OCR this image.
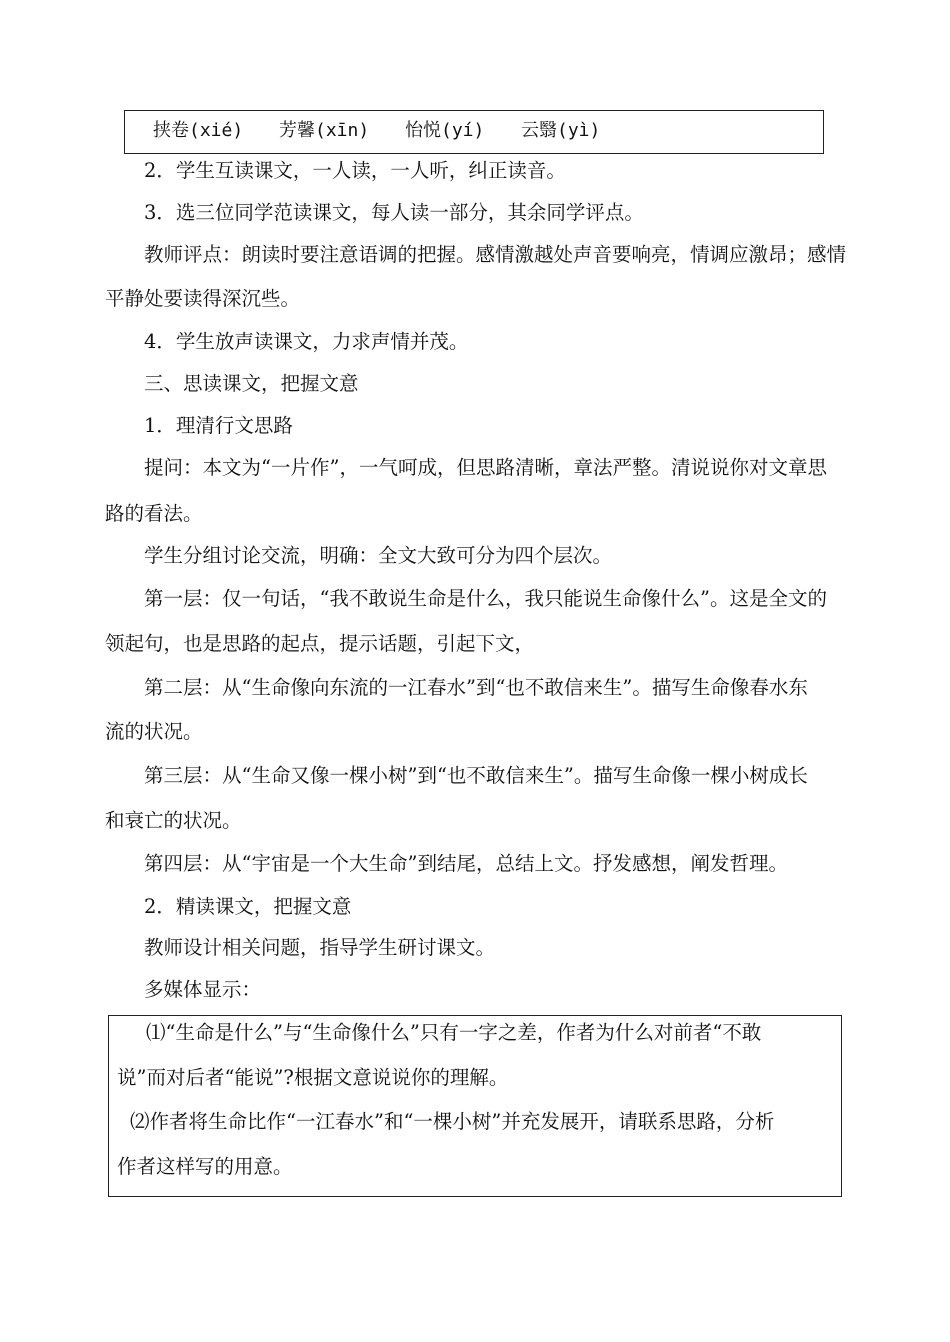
挟卷(xié) 芳馨(xīn) 怡悦(yí) 云翳(yì)
2．学生互读课文，一人读，一人听，纠正读音。
3．选三位同学范读课文，每人读一部分，其余同学评点。
教师评点：朗读时要注意语调的把握。感情激越处声音要响亮，情调应激昂；感情
平静处要读得深沉些。
4．学生放声读课文，力求声情并茂。
三、思读课文，把握文意
1．理清行文思路
提问：本文为“一片作”，一气呵成，但思路清晰，章法严整。清说说你对文章思
路的看法。
学生分组讨论交流，明确：全文大致可分为四个层次。
第一层：仅一句话，“我不敢说生命是什么，我只能说生命像什么”。这是全文的
领起句，也是思路的起点，提示话题，引起下文，
第二层：从“生命像向东流的一江春水”到“也不敢信来生”。描写生命像春水东
流的状况。
第三层：从“生命又像一棵小树”到“也不敢信来生”。描写生命像一棵小树成长
和衰亡的状况。
第四层：从“宇宙是一个大生命”到结尾，总结上文。抒发感想，阐发哲理。
2．精读课文，把握文意
教师设计相关问题，指导学生研讨课文。
多媒体显示：
⑴“生命是什么”与“生命像什么”只有一字之差，作者为什么对前者“不敢
说”而对后者“能说”?根据文意说说你的理解。
⑵作者将生命比作“一江春水”和“一棵小树”并充发展开，请联系思路，分析
作者这样写的用意。
